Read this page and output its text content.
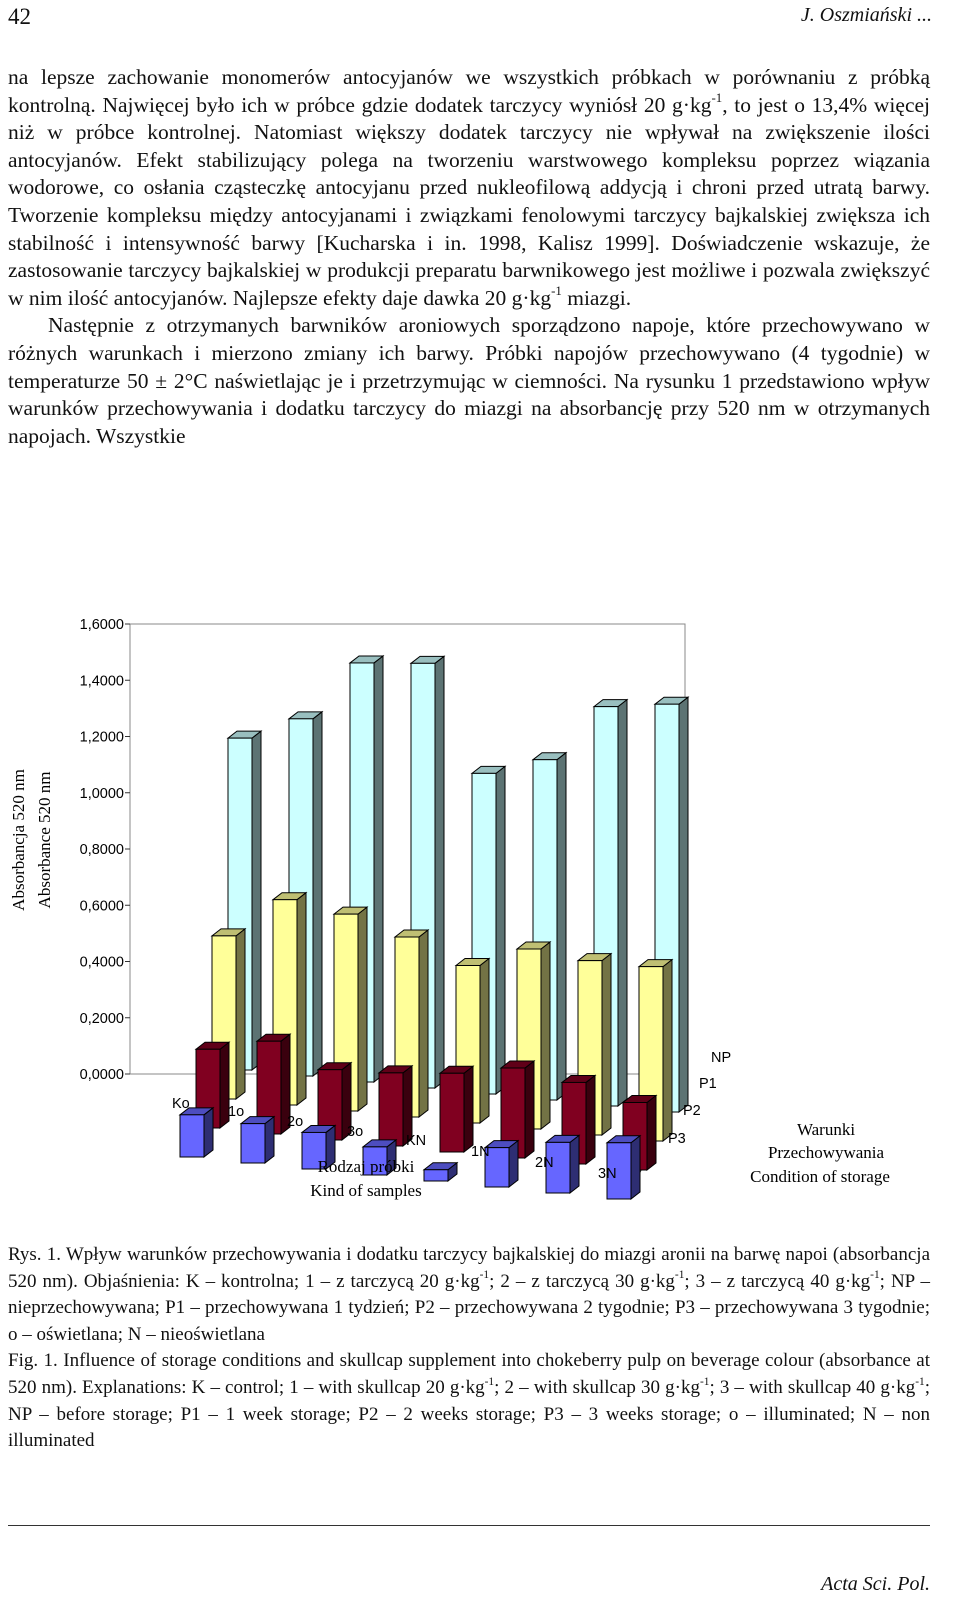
42	J. Oszmiański ...

na lepsze zachowanie monomerów antocyjanów we wszystkich próbkach w porównaniu z próbką kontrolną. Najwięcej było ich w próbce gdzie dodatek tarczycy wyniósł 20 $g\cdot kg^{-1}$, to jest o 13,4% więcej niż w próbce kontrolnej. Natomiast większy dodatek tarczycy nie wpływał na zwiększenie ilości antocyjanów. Efekt stabilizujący polega na tworzeniu warstwowego kompleksu poprzez wiązania wodorowe, co osłania cząsteczkę antocyjanu przed nukleofilową addycją i chroni przed utratą barwy. Tworzenie kompleksu między antocyjanami i związkami fenolowymi tarczycy bajkalskiej zwiększa ich stabilność i intensywność barwy [Kucharska i in. 1998, Kalisz 1999]. Doświadczenie wskazuje, że zastosowanie tarczycy bajkalskiej w produkcji preparatu barwnikowego jest możliwe i pozwala zwiększyć w nim ilość antocyjanów. Najlepsze efekty daje dawka 20 $g\cdot kg^{-1}$ miazgi.

Następnie z otrzymanych barwników aroniowych sporządzono napoje, które przechowywano w różnych warunkach i mierzono zmiany ich barwy. Próbki napojów przechowywano (4 tygodnie) w temperaturze 50 ± 2°C naświetlając je i przetrzymując w ciemności. Na rysunku 1 przedstawiono wpływ warunków przechowywania i dodatku tarczycy do miazgi na absorbancję przy 520 nm w otrzymanych napojach. Wszystkie

0,0000
0,2000
0,4000
0,6000
0,8000
1,0000
1,2000
1,4000
1,6000
Ko	1o
2o
3o
KN
1N
2N
3N
NP
P1
P2
P3
Absorbancja 520 nm Absorbance 520 nm
Rodzaj próbki
Kind of samples
Warunki
Przechowywania
Condition of storage

Rys. 1. Wpływ warunków przechowywania i dodatku tarczycy bajkalskiej do miazgi aronii na barwę napoi (absorbancja 520 nm). Objaśnienia: K – kontrolna; 1 – z tarczycą 20 $g\cdot kg^{-1}$; 2 – z tarczycą 30 $g\cdot kg^{-1}$; 3 – z tarczycą 40 $g\cdot kg^{-1}$; NP – nieprzechowywana; P1 – przechowywana 1 tydzień; P2 – przechowywana 2 tygodnie; P3 – przechowywana 3 tygodnie; o – oświetlana; N – nieoświetlana

Fig. 1. Influence of storage conditions and skullcap supplement into chokeberry pulp on beverage colour (absorbance at 520 nm). Explanations: K – control; 1 – with skullcap 20 $g\cdot kg^{-1}$; 2 – with skullcap 30 $g\cdot kg^{-1}$; 3 – with skullcap 40 $g\cdot kg^{-1}$; NP – before storage; P1 – 1 week storage; P2 – 2 weeks storage; P3 – 3 weeks storage; o – illuminated; N – non illuminated

Acta Sci. Pol.
